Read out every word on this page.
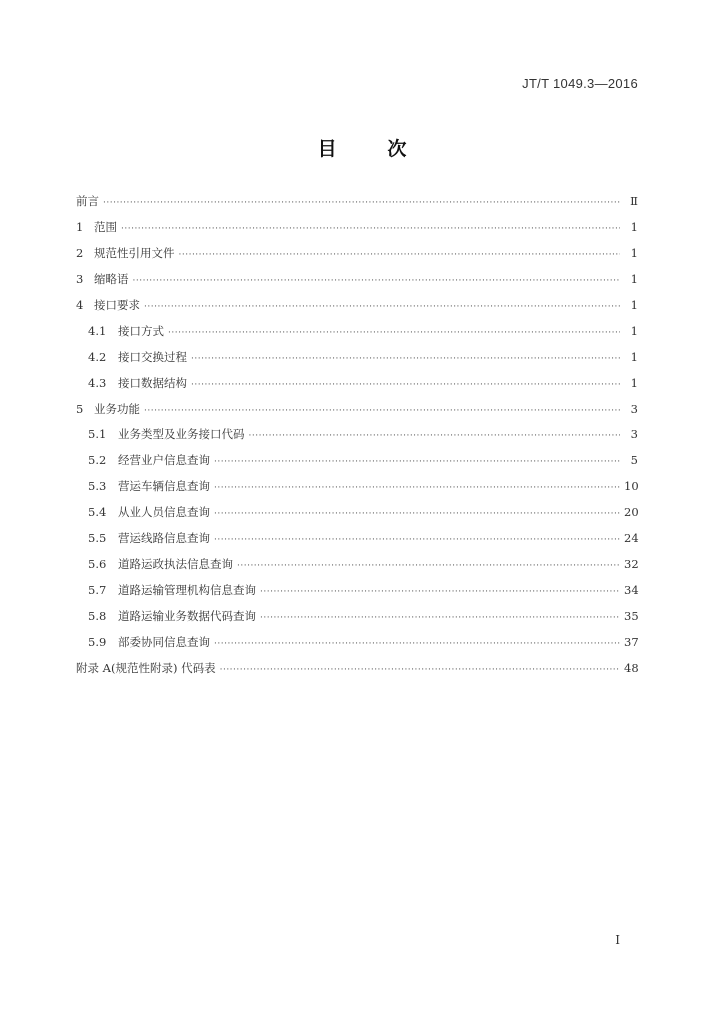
JT/T 1049.3—2016
目	次
前言 ·····	Ⅱ
1 范围 ·····	1
2 规范性引用文件 ·····	1
3 缩略语 ·····	1
4 接口要求 ·····	1
4.1	接口方式 ·····	1
4.2	接口交换过程 ·····	1
4.3	接口数据结构 ·····	1
5 业务功能 ·····	3
5.1	业务类型及业务接口代码 ·····	3
5.2	经营业户信息查询 ·····	5
5.3	营运车辆信息查询 ·····	10
5.4	从业人员信息查询 ·····	20
5.5	营运线路信息查询 ·····	24
5.6	道路运政执法信息查询 ·····	32
5.7	道路运输管理机构信息查询 ·····	34
5.8	道路运输业务数据代码查询 ·····	35
5.9	部委协同信息查询 ·····	37
附录 A(规范性附录) 代码表 ·····	48
I
